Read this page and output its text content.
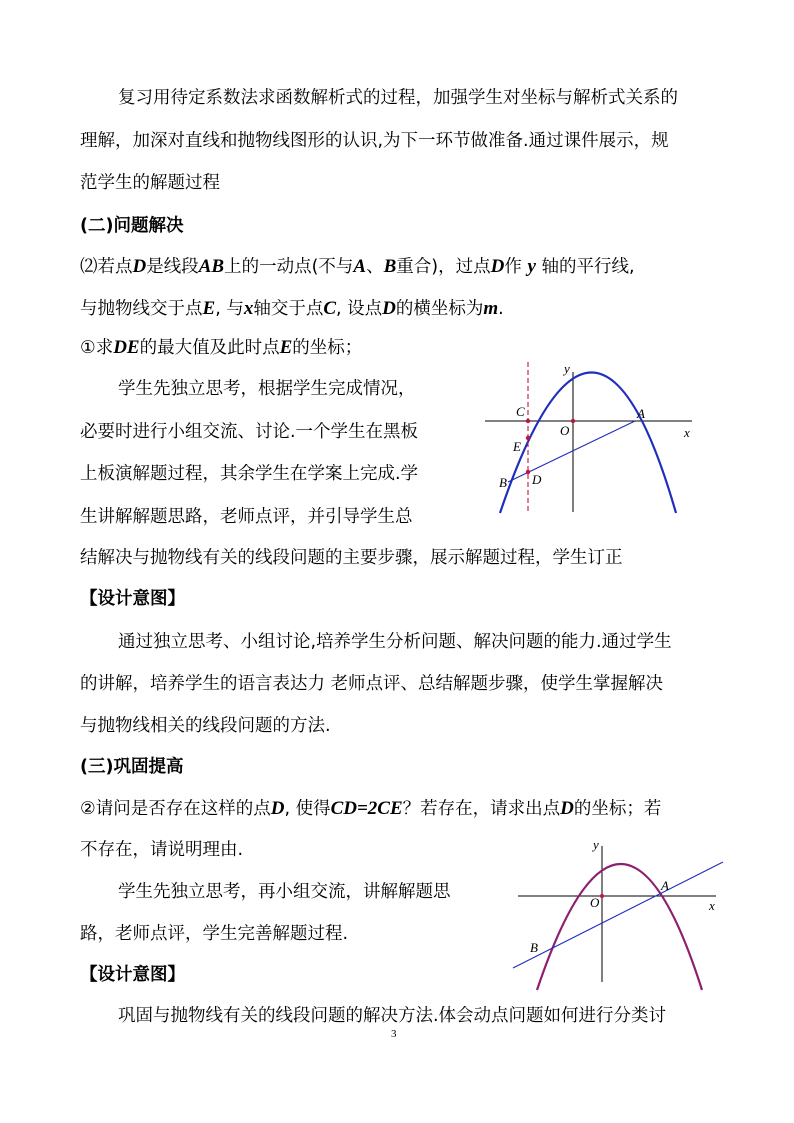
复习用待定系数法求函数解析式的过程，加强学生对坐标与解析式关系的
理解，加深对直线和抛物线图形的认识,为下一环节做准备.通过课件展示，规
范学生的解题过程
(二)问题解决
⑵若点D是线段AB上的一动点(不与A、B重合)，过点D作 y 轴的平行线,
与抛物线交于点E, 与x轴交于点C, 设点D的横坐标为m.
①求DE的最大值及此时点E的坐标；
学生先独立思考，根据学生完成情况，
必要时进行小组交流、讨论.一个学生在黑板
上板演解题过程，其余学生在学案上完成.学
生讲解解题思路，老师点评，并引导学生总
结解决与抛物线有关的线段问题的主要步骤，展示解题过程，学生订正
y
x
O
A
B
C
D
E
【设计意图】
通过独立思考、小组讨论,培养学生分析问题、解决问题的能力.通过学生
的讲解，培养学生的语言表达力 老师点评、总结解题步骤，使学生掌握解决
与抛物线相关的线段问题的方法.
(三)巩固提高
②请问是否存在这样的点D, 使得CD=2CE？若存在，请求出点D的坐标；若
不存在，请说明理由.
学生先独立思考，再小组交流，讲解解题思
路，老师点评，学生完善解题过程.
y
x
O
A
B
【设计意图】
巩固与抛物线有关的线段问题的解决方法.体会动点问题如何进行分类讨
3
